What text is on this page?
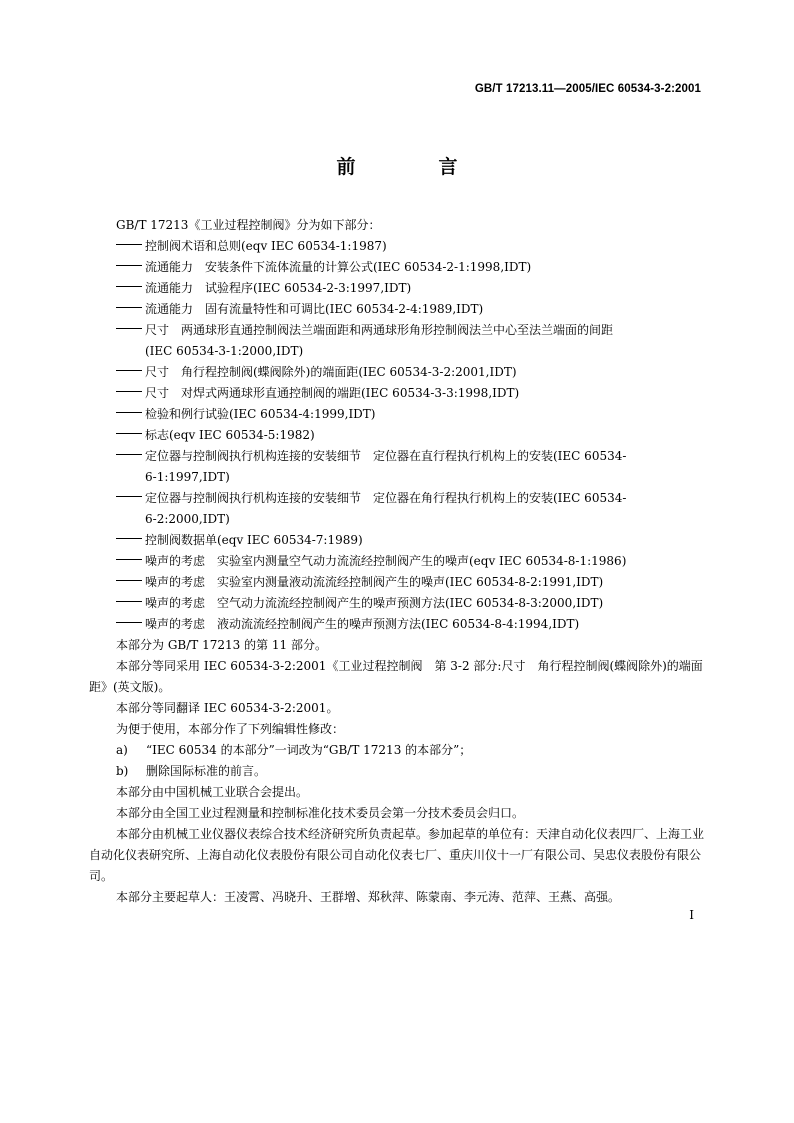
GB/T 17213.11—2005/IEC 60534-3-2:2001
前　言
GB/T 17213《工业过程控制阀》分为如下部分：
控制阀术语和总则(eqv IEC 60534-1:1987)
流通能力　安装条件下流体流量的计算公式(IEC 60534-2-1:1998,IDT)
流通能力　试验程序(IEC 60534-2-3:1997,IDT)
流通能力　固有流量特性和可调比(IEC 60534-2-4:1989,IDT)
尺寸　两通球形直通控制阀法兰端面距和两通球形角形控制阀法兰中心至法兰端面的间距
(IEC 60534-3-1:2000,IDT)
尺寸　角行程控制阀(蝶阀除外)的端面距(IEC 60534-3-2:2001,IDT)
尺寸　对焊式两通球形直通控制阀的端距(IEC 60534-3-3:1998,IDT)
检验和例行试验(IEC 60534-4:1999,IDT)
标志(eqv IEC 60534-5:1982)
定位器与控制阀执行机构连接的安装细节　定位器在直行程执行机构上的安装(IEC 60534-
6-1:1997,IDT)
定位器与控制阀执行机构连接的安装细节　定位器在角行程执行机构上的安装(IEC 60534-
6-2:2000,IDT)
控制阀数据单(eqv IEC 60534-7:1989)
噪声的考虑　实验室内测量空气动力流流经控制阀产生的噪声(eqv IEC 60534-8-1:1986)
噪声的考虑　实验室内测量液动流流经控制阀产生的噪声(IEC 60534-8-2:1991,IDT)
噪声的考虑　空气动力流流经控制阀产生的噪声预测方法(IEC 60534-8-3:2000,IDT)
噪声的考虑　液动流流经控制阀产生的噪声预测方法(IEC 60534-8-4:1994,IDT)
本部分为 GB/T 17213 的第 11 部分。
本部分等同采用 IEC 60534-3-2:2001《工业过程控制阀　第 3-2 部分:尺寸　角行程控制阀(蝶阀除外)的端面距》(英文版)。
本部分等同翻译 IEC 60534-3-2:2001。
为便于使用，本部分作了下列编辑性修改：
a) “IEC 60534 的本部分”一词改为“GB/T 17213 的本部分”；
b) 删除国际标准的前言。
本部分由中国机械工业联合会提出。
本部分由全国工业过程测量和控制标准化技术委员会第一分技术委员会归口。
本部分由机械工业仪器仪表综合技术经济研究所负责起草。参加起草的单位有：天津自动化仪表四厂、上海工业自动化仪表研究所、上海自动化仪表股份有限公司自动化仪表七厂、重庆川仪十一厂有限公司、吴忠仪表股份有限公司。
本部分主要起草人：王凌霄、冯晓升、王群增、郑秋萍、陈蒙南、李元涛、范萍、王燕、高强。
I
